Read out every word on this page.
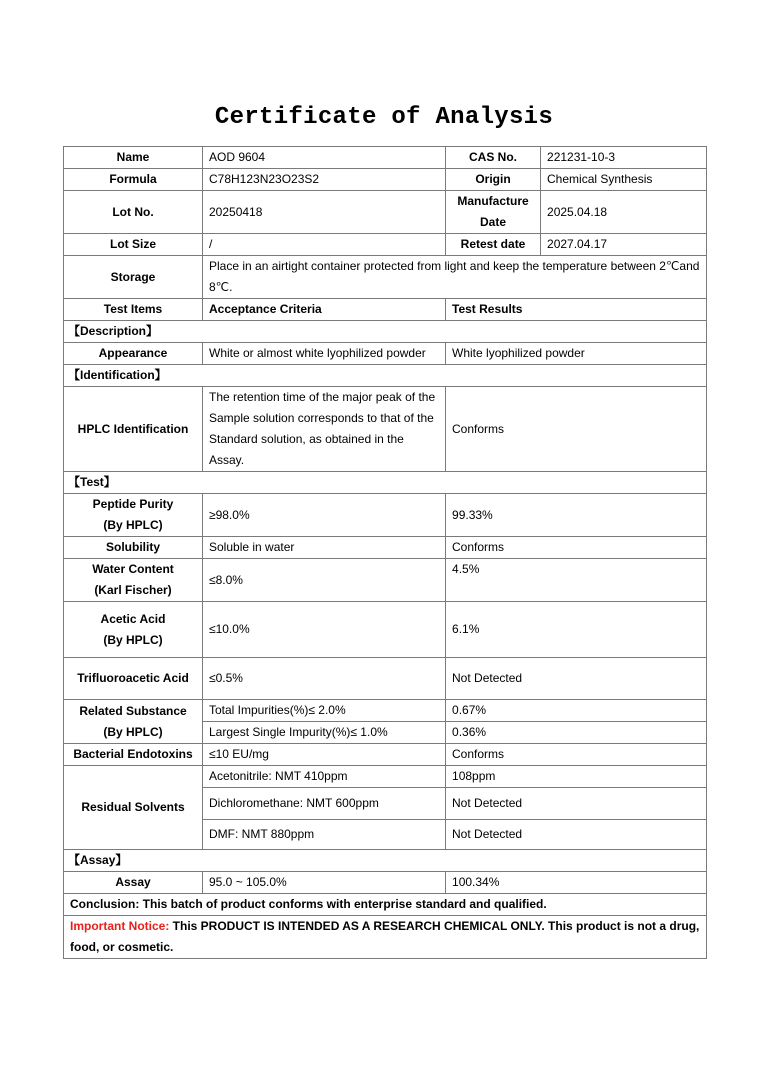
Certificate of Analysis
Name	AOD 9604	CAS No.	221231-10-3
Formula	C78H123N23O23S2	Origin	Chemical Synthesis
Lot No.	20250418	Manufacture Date	2025.04.18
Lot Size	/	Retest date	2027.04.17
Storage	Place in an airtight container protected from light and keep the temperature between 2℃and
8℃.		

Test Items	Acceptance Criteria	Test Results	
【Description】			
Appearance	White or almost white lyophilized powder	White lyophilized powder	
【Identification】			
HPLC Identification	The retention time of the major peak of the
Sample solution corresponds to that of the
Standard solution, as obtained in the Assay.	Conforms	
【Test】			

Peptide Purity
(By HPLC)	≥98.0%	99.33%	
Solubility	Soluble in water	Conforms	

Water Content
(Karl Fischer)	≤8.0%	4.5%	

Acetic Acid
(By HPLC)	≤10.0%	6.1%	
Trifluoroacetic Acid	≤0.5%	Not Detected	

Related Substance
(By HPLC)	Total Impurities(%)≤ 2.0%	0.67%	
	Largest Single Impurity(%)≤ 1.0%	0.36%	
Bacterial Endotoxins	≤10 EU/mg	Conforms	
Residual Solvents	Acetonitrile: NMT 410ppm	108ppm	
	Dichloromethane: NMT 600ppm	Not Detected	
	DMF: NMT 880ppm	Not Detected	
【Assay】			
Assay	95.0 ~ 105.0%	100.34%	
Conclusion: This batch of product conforms with enterprise standard and qualified.			

Important Notice: This PRODUCT IS INTENDED AS A RESEARCH CHEMICAL ONLY. This product is not a drug,
food, or cosmetic.			
